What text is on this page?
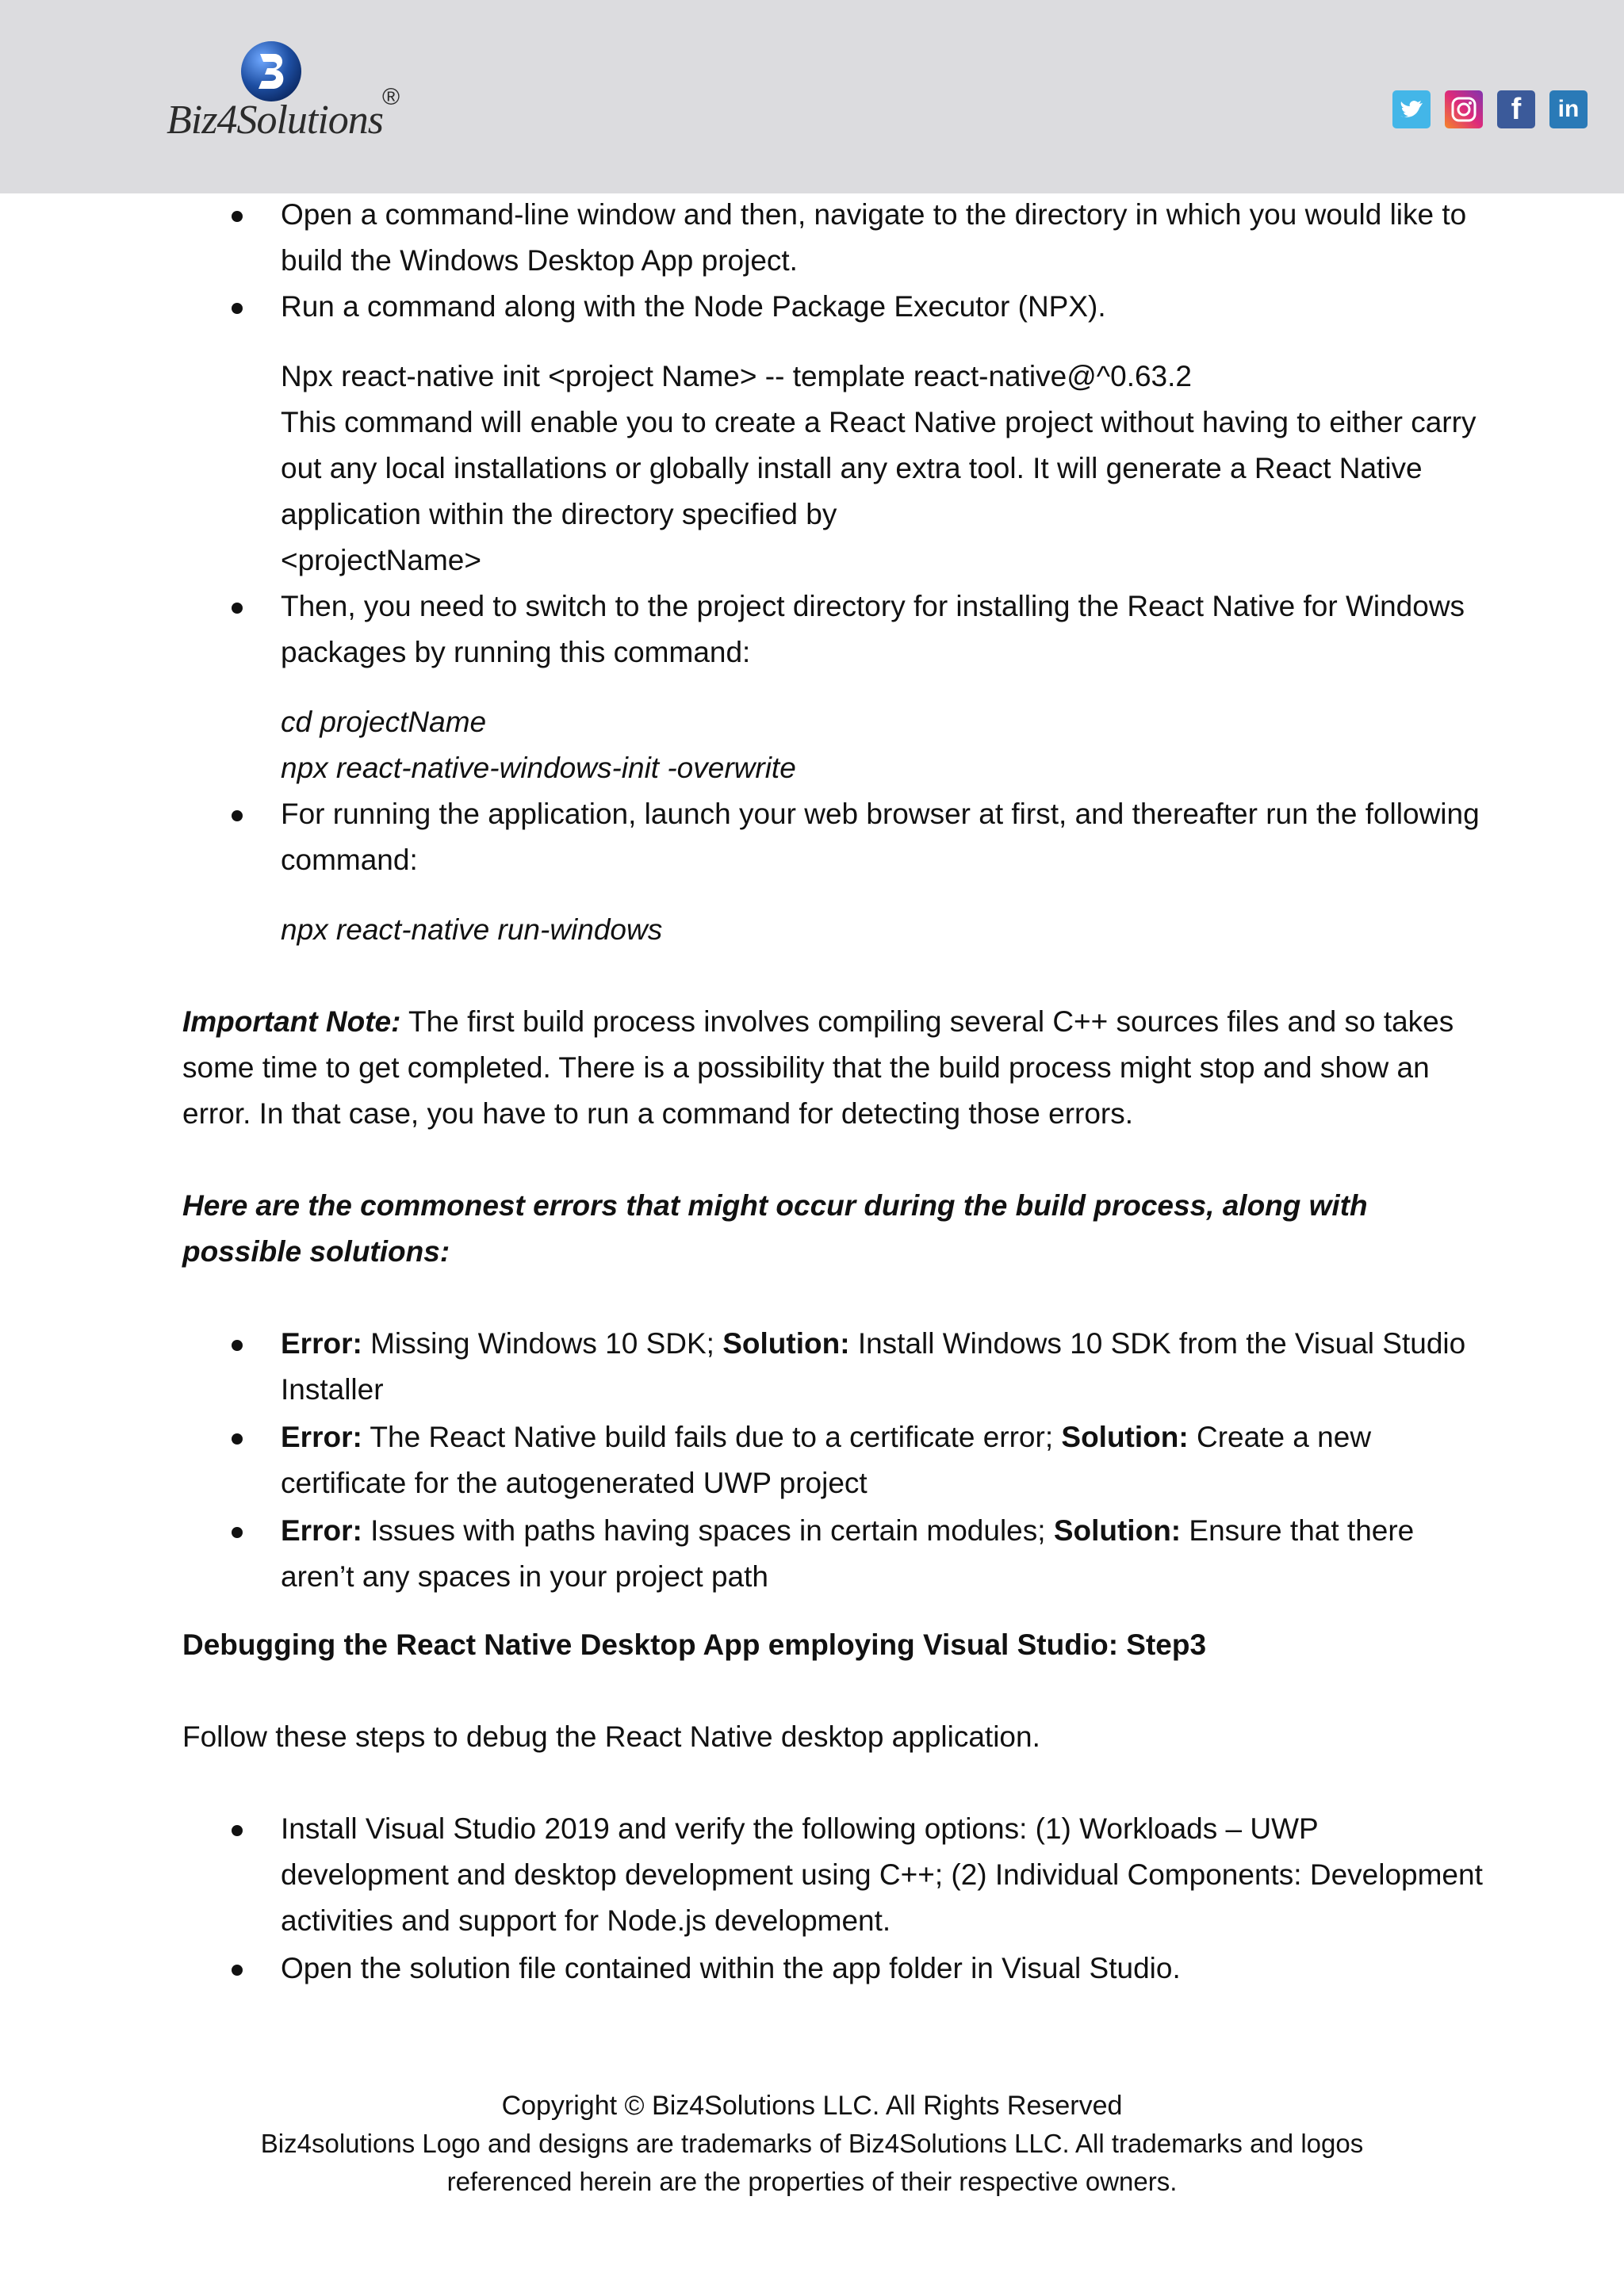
Biz4Solutions
®	f	in

Open a command-line window and then, navigate to the directory in which you would like to build the Windows Desktop App project.

Run a command along with the Node Package Executor (NPX).

Npx react-native init <project Name> -- template react-native@^0.63.2

This command will enable you to create a React Native project without having to either carry out any local installations or globally install any extra tool. It will generate a React Native application within the directory specified by

<projectName>

Then, you need to switch to the project directory for installing the React Native for Windows packages by running this command:

cd projectName

npx react-native-windows-init -overwrite

For running the application, launch your web browser at first, and thereafter run the following command:

npx react-native run-windows

Important Note: The first build process involves compiling several C++ sources files and so takes some time to get completed. There is a possibility that the build process might stop and show an error. In that case, you have to run a command for detecting those errors.

Here are the commonest errors that might occur during the build process, along with possible solutions:

Error: Missing Windows 10 SDK; Solution: Install Windows 10 SDK from the Visual Studio Installer

Error: The React Native build fails due to a certificate error; Solution: Create a new certificate for the autogenerated UWP project

Error: Issues with paths having spaces in certain modules; Solution: Ensure that there aren’t any spaces in your project path

Debugging the React Native Desktop App employing Visual Studio: Step3

Follow these steps to debug the React Native desktop application.

Install Visual Studio 2019 and verify the following options: (1) Workloads – UWP development and desktop development using C++; (2) Individual Components: Development activities and support for Node.js development.

Open the solution file contained within the app folder in Visual Studio.

Copyright © Biz4Solutions LLC. All Rights Reserved
Biz4solutions Logo and designs are trademarks of Biz4Solutions LLC. All trademarks and logos
referenced herein are the properties of their respective owners.
